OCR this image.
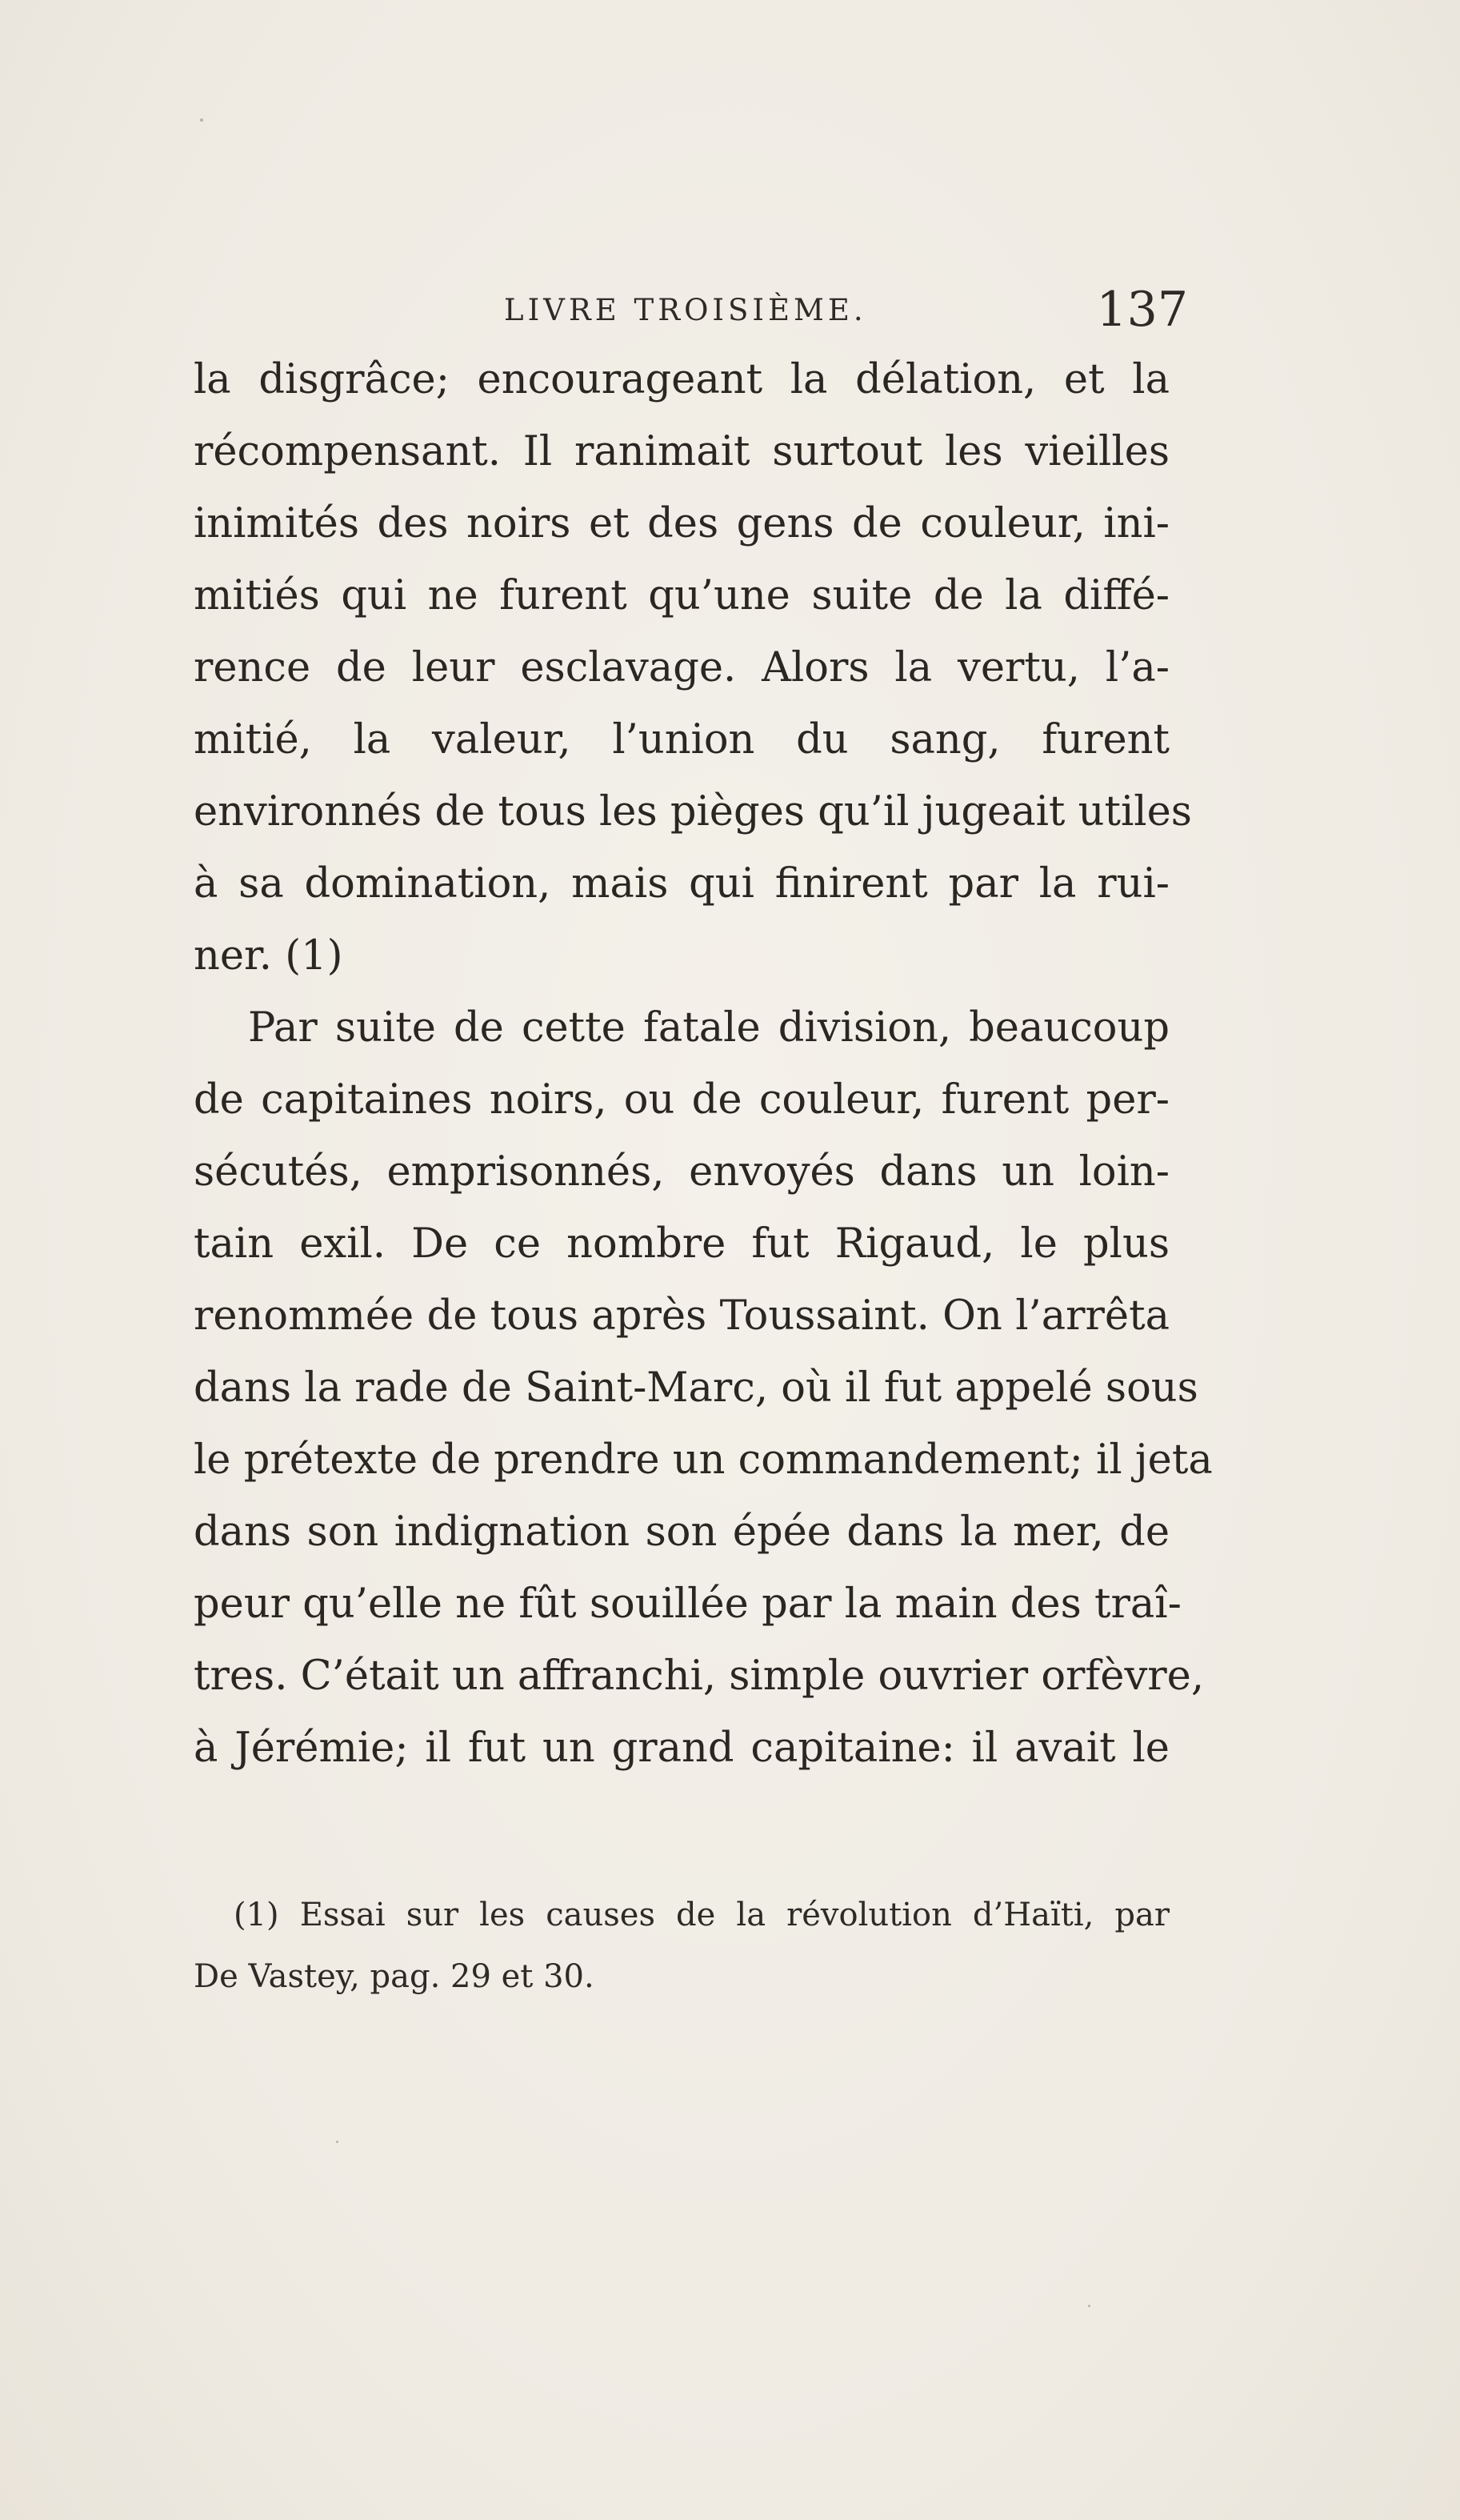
LIVRE TROISIÈME.	137
la disgrâce; encourageant la délation, et la
récompensant. Il ranimait surtout les vieilles
inimités des noirs et des gens de couleur, ini-
mitiés qui ne furent qu’une suite de la diffé-
rence de leur esclavage. Alors la vertu, l’a-
mitié, la valeur, l’union du sang, furent
environnés de tous les pièges qu’il jugeait utiles
à sa domination, mais qui finirent par la rui-
ner. (1)
Par suite de cette fatale division, beaucoup
de capitaines noirs, ou de couleur, furent per-
sécutés, emprisonnés, envoyés dans un loin-
tain exil. De ce nombre fut Rigaud, le plus
renommée de tous après Toussaint. On l’arrêta
dans la rade de Saint-Marc, où il fut appelé sous
le prétexte de prendre un commandement; il jeta
dans son indignation son épée dans la mer, de
peur qu’elle ne fût souillée par la main des traî-
tres. C’était un affranchi, simple ouvrier orfèvre,
à Jérémie; il fut un grand capitaine: il avait le
(1) Essai sur les causes de la révolution d’Haïti, par
De Vastey, pag. 29 et 30.
